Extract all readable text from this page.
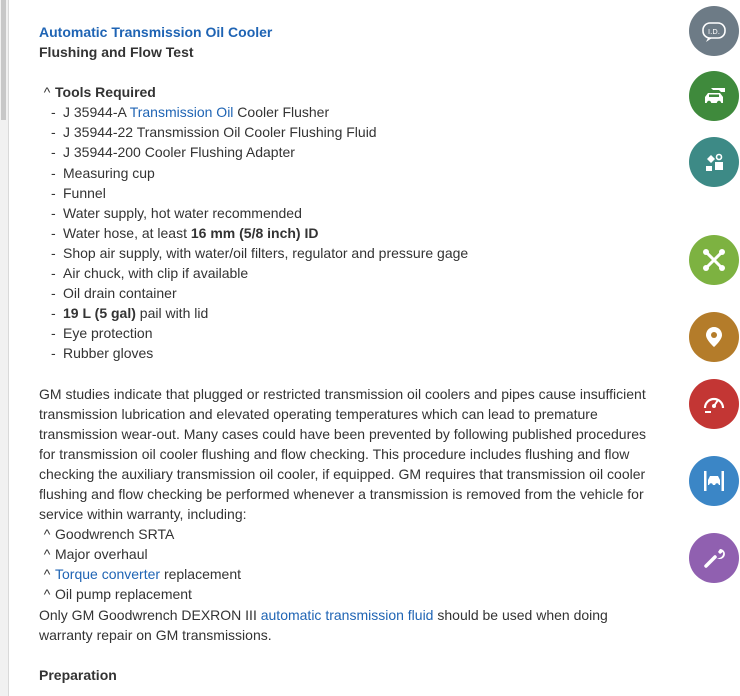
Automatic Transmission Oil Cooler
Flushing and Flow Test
^ Tools Required
- J 35944-A Transmission Oil Cooler Flusher
- J 35944-22 Transmission Oil Cooler Flushing Fluid
- J 35944-200 Cooler Flushing Adapter
- Measuring cup
- Funnel
- Water supply, hot water recommended
- Water hose, at least 16 mm (5/8 inch) ID
- Shop air supply, with water/oil filters, regulator and pressure gage
- Air chuck, with clip if available
- Oil drain container
- 19 L (5 gal) pail with lid
- Eye protection
- Rubber gloves
GM studies indicate that plugged or restricted transmission oil coolers and pipes cause insufficient transmission lubrication and elevated operating temperatures which can lead to premature transmission wear-out. Many cases could have been prevented by following published procedures for transmission oil cooler flushing and flow checking. This procedure includes flushing and flow checking the auxiliary transmission oil cooler, if equipped. GM requires that transmission oil cooler flushing and flow checking be performed whenever a transmission is removed from the vehicle for service within warranty, including:
^ Goodwrench SRTA
^ Major overhaul
^ Torque converter replacement
^ Oil pump replacement
Only GM Goodwrench DEXRON III automatic transmission fluid should be used when doing warranty repair on GM transmissions.
Preparation
I.D.
